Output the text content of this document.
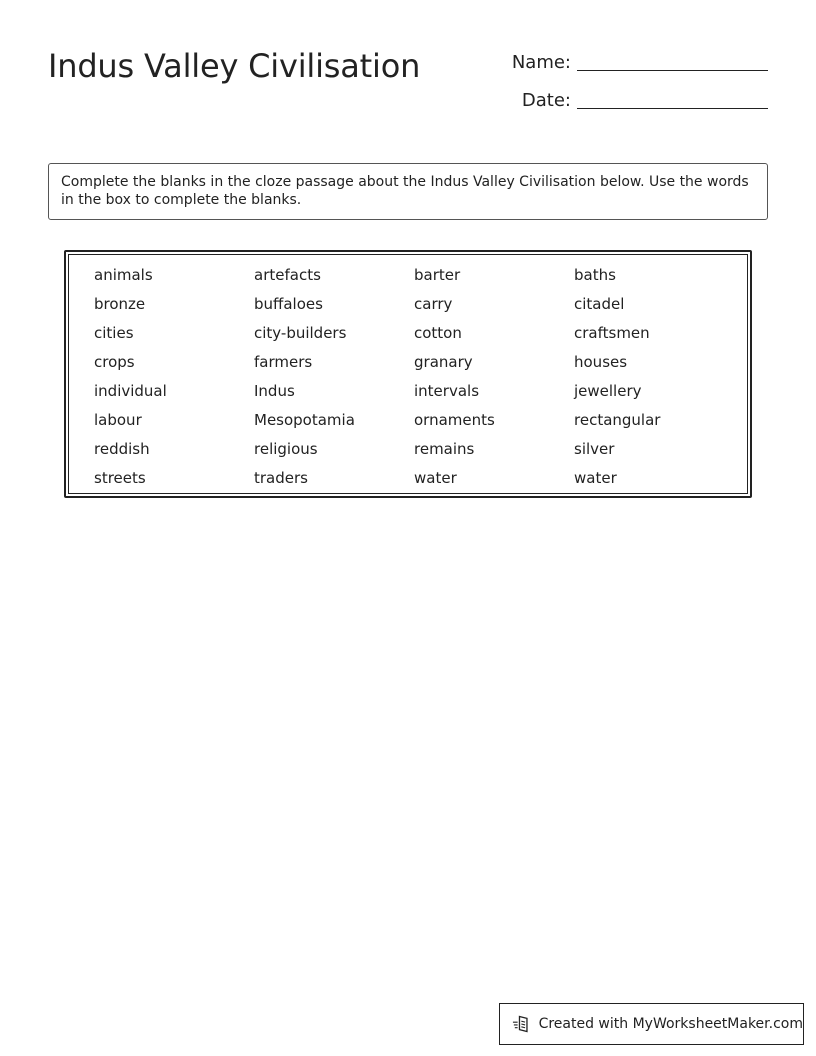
Indus Valley Civilisation	Name:
Date:
Complete the blanks in the cloze passage about the Indus Valley Civilisation below. Use the words in the box to complete the blanks.
animals	artefacts	barter	baths
bronze	buffaloes	carry	citadel
cities	city-builders	cotton	craftsmen
crops	farmers	granary	houses
individual	Indus	intervals	jewellery
labour	Mesopotamia	ornaments	rectangular
reddish	religious	remains	silver
streets	traders	water	water
Created with MyWorksheetMaker.com
